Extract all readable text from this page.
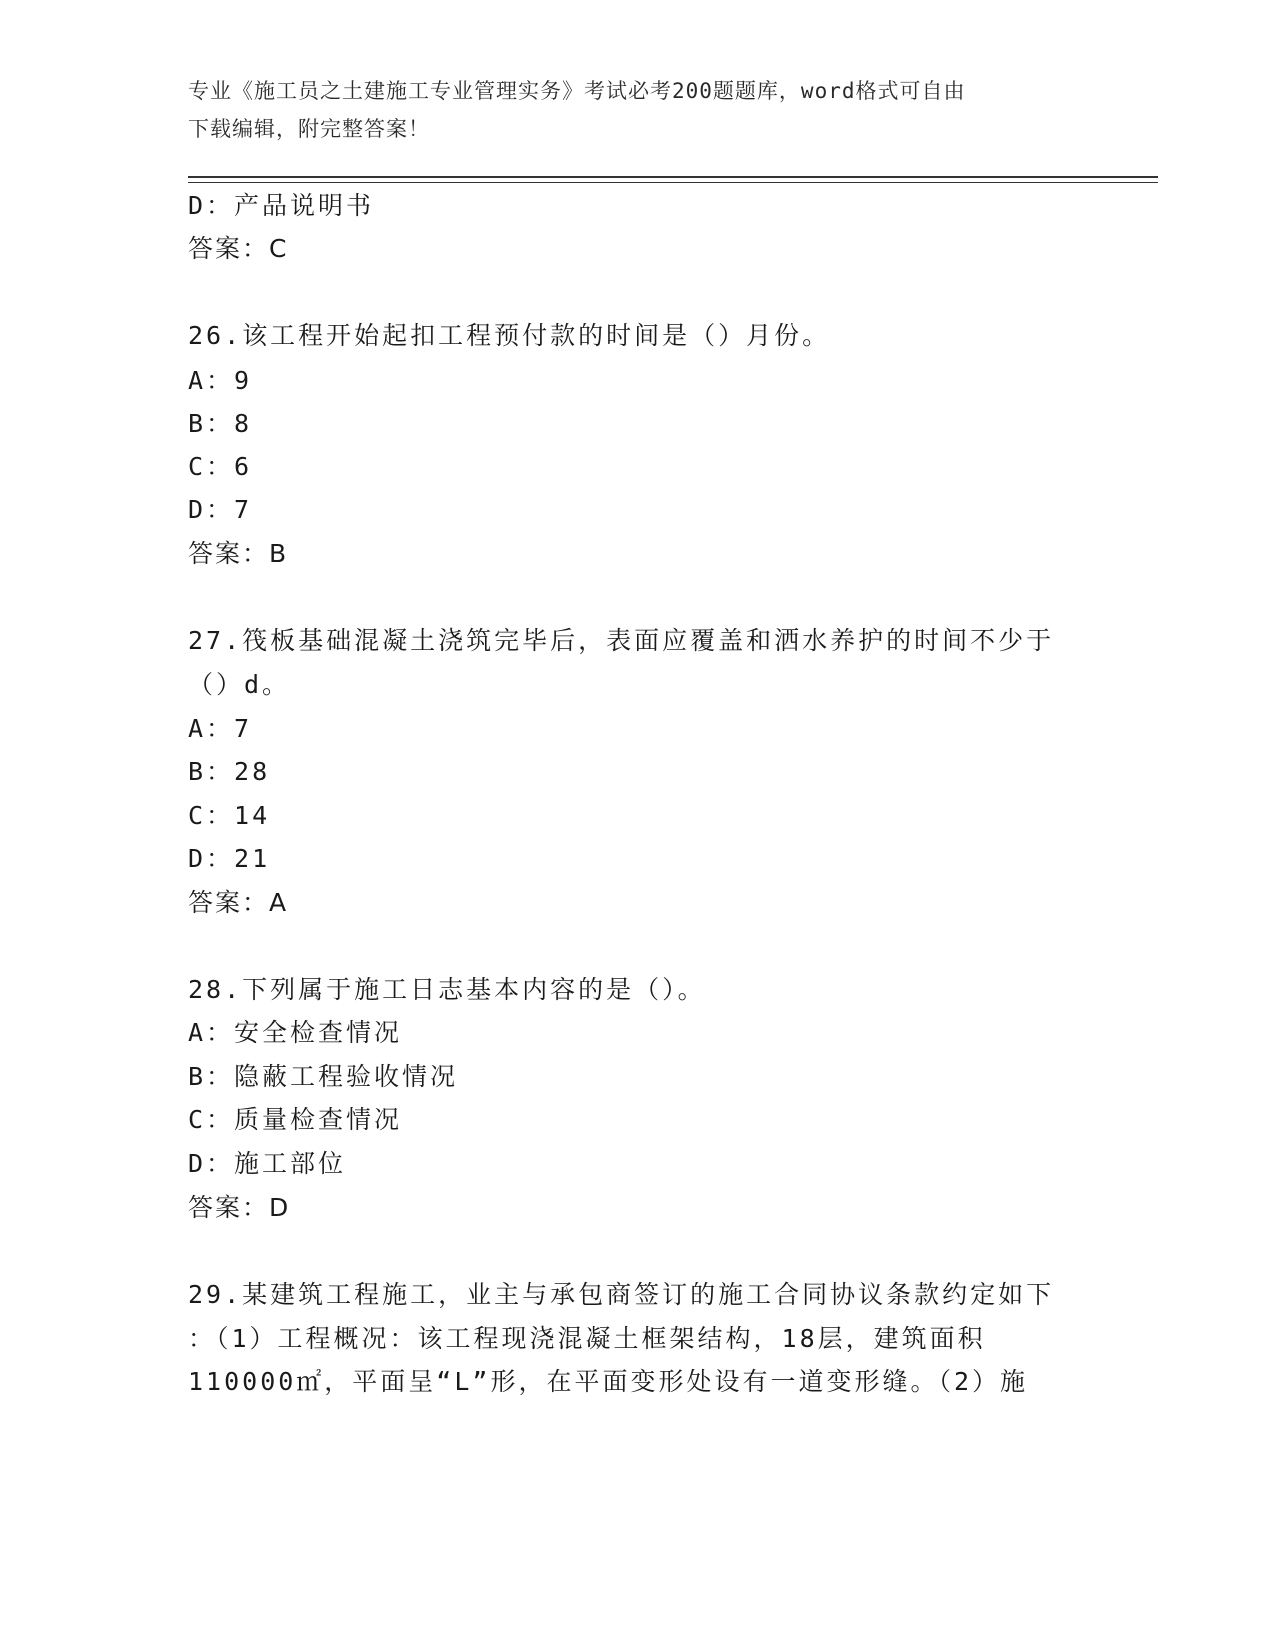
专业《施工员之土建施工专业管理实务》考试必考200题题库，word格式可自由
下载编辑，附完整答案！
D：产品说明书
答案：C
26.该工程开始起扣工程预付款的时间是（）月份。
A：9
B：8
C：6
D：7
答案：B
27.筏板基础混凝土浇筑完毕后，表面应覆盖和洒水养护的时间不少于
（）d。
A：7
B：28
C：14
D：21
答案：A
28.下列属于施工日志基本内容的是（）。
A：安全检查情况
B：隐蔽工程验收情况
C：质量检查情况
D：施工部位
答案：D
29.某建筑工程施工，业主与承包商签订的施工合同协议条款约定如下
：（1）工程概况：该工程现浇混凝土框架结构，18层，建筑面积
110000㎡，平面呈“L”形，在平面变形处设有一道变形缝。（2）施
